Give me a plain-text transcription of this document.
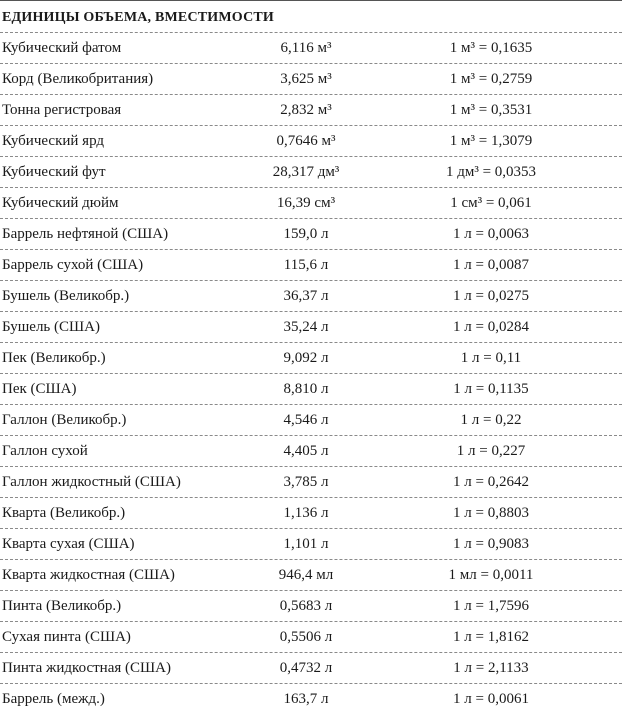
ЕДИНИЦЫ ОБЪЕМА, ВМЕСТИМОСТИ
Кубический фатом	6,116 м³	1 м³ = 0,1635
Корд (Великобритания)	3,625 м³	1 м³ = 0,2759
Тонна регистровая	2,832 м³	1 м³ = 0,3531
Кубический ярд	0,7646 м³	1 м³ = 1,3079
Кубический фут	28,317 дм³	1 дм³ = 0,0353
Кубический дюйм	16,39 см³	1 см³ = 0,061
Баррель нефтяной (США)	159,0 л	1 л = 0,0063
Баррель сухой (США)	115,6 л	1 л = 0,0087
Бушель (Великобр.)	36,37 л	1 л = 0,0275
Бушель (США)	35,24 л	1 л = 0,0284
Пек (Великобр.)	9,092 л	1 л = 0,11
Пек (США)	8,810 л	1 л = 0,1135
Галлон (Великобр.)	4,546 л	1 л = 0,22
Галлон сухой	4,405 л	1 л = 0,227
Галлон жидкостный (США)	3,785 л	1 л = 0,2642
Кварта (Великобр.)	1,136 л	1 л = 0,8803
Кварта сухая (США)	1,101 л	1 л = 0,9083
Кварта жидкостная (США)	946,4 мл	1 мл = 0,0011
Пинта (Великобр.)	0,5683 л	1 л = 1,7596
Сухая пинта (США)	0,5506 л	1 л = 1,8162
Пинта жидкостная (США)	0,4732 л	1 л = 2,1133
Баррель (межд.)	163,7 л	1 л = 0,0061
